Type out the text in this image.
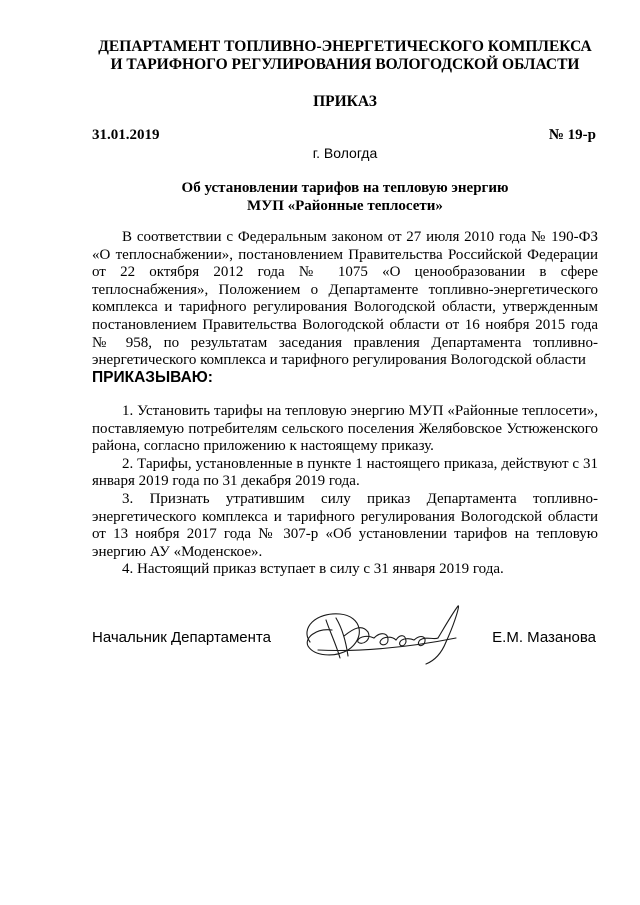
ДЕПАРТАМЕНТ ТОПЛИВНО-ЭНЕРГЕТИЧЕСКОГО КОМПЛЕКСА
И ТАРИФНОГО РЕГУЛИРОВАНИЯ ВОЛОГОДСКОЙ ОБЛАСТИ
ПРИКАЗ
31.01.2019	№ 19-р
г. Вологда
Об установлении тарифов на тепловую энергию
МУП «Районные теплосети»

В соответствии с Федеральным законом от 27 июля 2010 года № 190-ФЗ «О теплоснабжении», постановлением Правительства Российской Федерации от 22 октября 2012 года № 1075 «О ценообразовании в сфере теплоснабжения», Положением о Департаменте топливно-энергетического комплекса и тарифного регулирования Вологодской области, утвержденным постановлением Правительства Вологодской области от 16 ноября 2015 года № 958, по результатам заседания правления Департамента топливно-энергетического комплекса и тарифного регулирования Вологодской области

ПРИКАЗЫВАЮ:

1. Установить тарифы на тепловую энергию МУП «Районные теплосети», поставляемую потребителям сельского поселения Желябовское Устюженского района, согласно приложению к настоящему приказу.

2. Тарифы, установленные в пункте 1 настоящего приказа, действуют с 31 января 2019 года по 31 декабря 2019 года.

3. Признать утратившим силу приказ Департамента топливно-энергетического комплекса и тарифного регулирования Вологодской области от 13 ноября 2017 года № 307-р «Об установлении тарифов на тепловую энергию АУ «Моденское».

4. Настоящий приказ вступает в силу с 31 января 2019 года.

Начальник Департамента	Е.М. Мазанова
